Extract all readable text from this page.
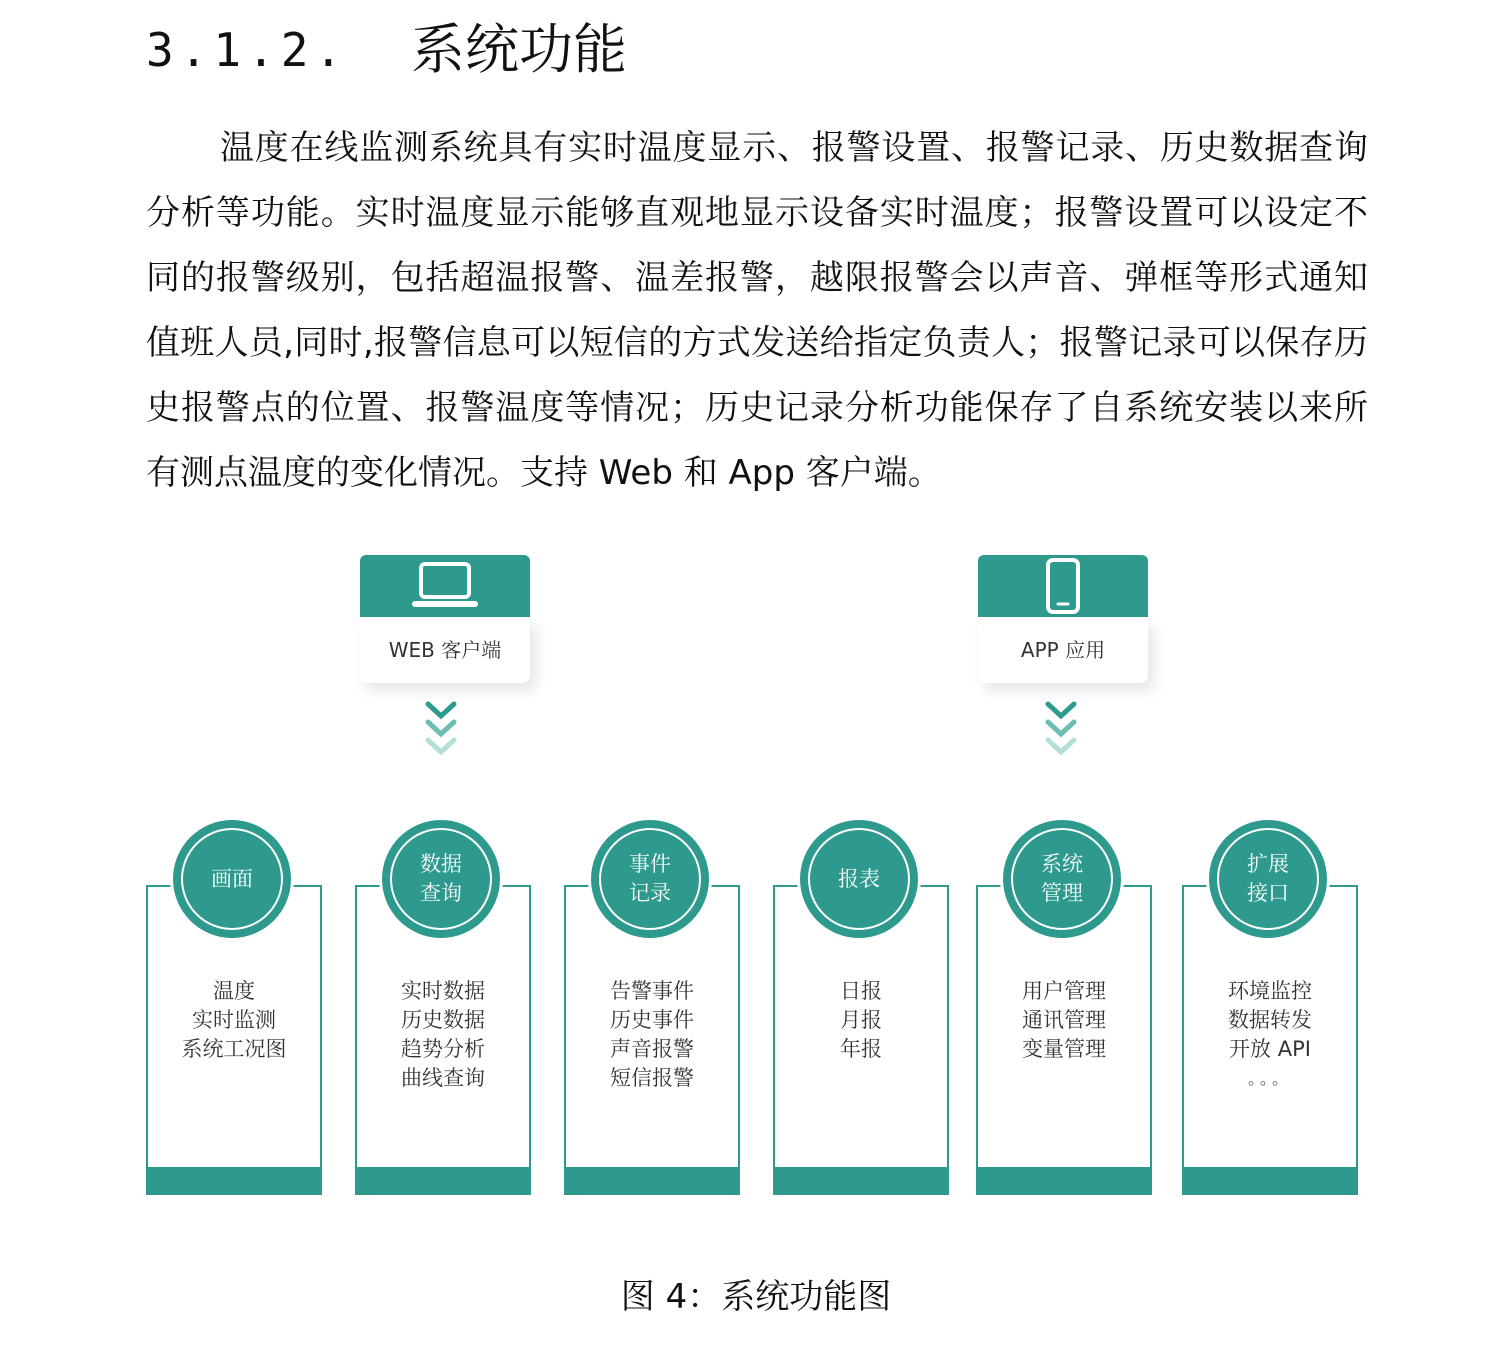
3.1.2. 系统功能

温度在线监测系统具有实时温度显示、报警设置、报警记录、历史数据查询分析等功能。实时温度显示能够直观地显示设备实时温度；报警设置可以设定不同的报警级别，包括超温报警、温差报警，越限报警会以声音、弹框等形式通知值班人员,同时,报警信息可以短信的方式发送给指定负责人；报警记录可以保存历史报警点的位置、报警温度等情况；历史记录分析功能保存了自系统安装以来所有测点温度的变化情况。支持 Web 和 App 客户端。

WEB 客户端	APP 应用
画面
温度
实时监测
系统工况图
数据
查询
实时数据
历史数据
趋势分析
曲线查询
事件
记录
告警事件
历史事件
声音报警
短信报警
报表
日报
月报
年报
系统
管理
用户管理
通讯管理
变量管理
扩展
接口
环境监控
数据转发
开放 API
。。。
图 4：系统功能图
